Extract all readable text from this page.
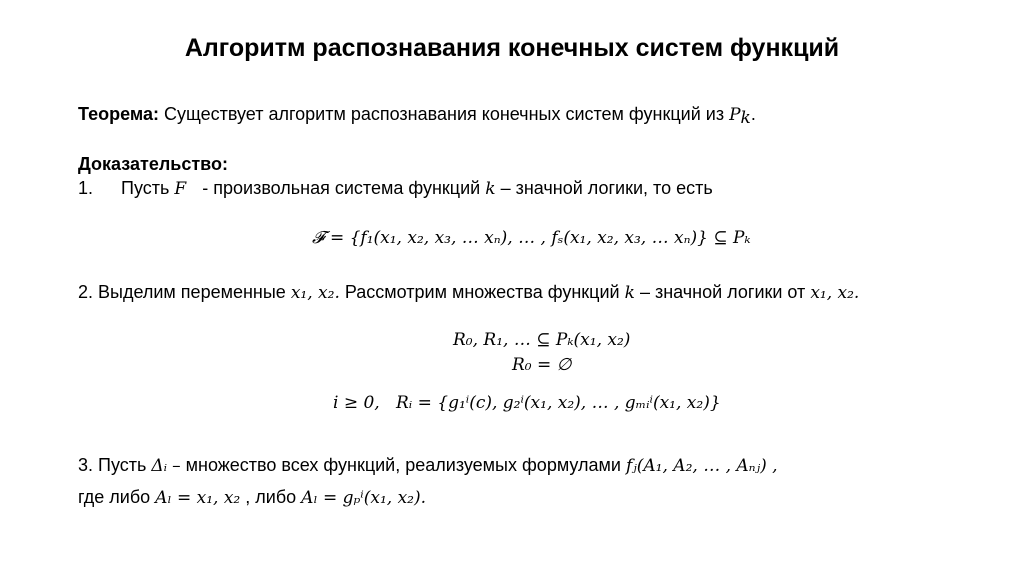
Алгоритм распознавания конечных систем функций
Теорема: Существует алгоритм распознавания конечных систем функций из $P_k$.
Доказательство:
1. Пусть F - произвольная система функций k – значной логики, то есть
𝓕 = {f₁(x₁, x₂, x₃, … xₙ), … , fₛ(x₁, x₂, x₃, … xₙ)} ⊆ Pₖ
2. Выделим переменные x₁, x₂. Рассмотрим множества функций k – значной логики от x₁, x₂.
R₀, R₁, … ⊆ Pₖ(x₁, x₂)
R₀ = ∅
i ≥ 0, Rᵢ = {g₁ⁱ(c), g₂ⁱ(x₁, x₂), … , gₘᵢⁱ(x₁, x₂)}
3. Пусть Δᵢ – множество всех функций, реализуемых формулами fⱼ(A₁, A₂, … , Aₙⱼ) ,
где либо Aₗ = x₁, x₂ , либо Aₗ = gₚⁱ(x₁, x₂).
